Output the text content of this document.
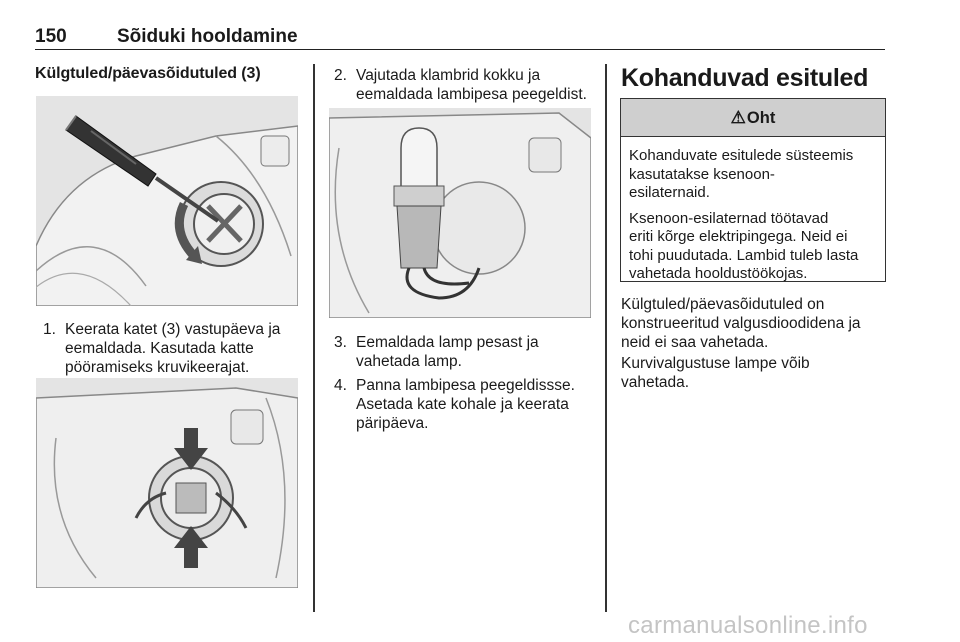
150	Sõiduki hooldamine
Külgtuled/päevasõidutuled (3)
1. Keerata katet (3) vastupäeva ja
eemaldada. Kasutada katte
pööramiseks kruvikeerajat.
2. Vajutada klambrid kokku ja
eemaldada lambipesa peegeldist.
3. Eemaldada lamp pesast ja
vahetada lamp.
4. Panna lambipesa peegeldissse.
Asetada kate kohale ja keerata
päripäeva.
Kohanduvad esituled
⚠Oht

Kohanduvate esitulede süsteemis
kasutatakse ksenoon-
esilaternaid.

Ksenoon-esilaternad töötavad
eriti kõrge elektripingega. Neid ei
tohi puudutada. Lambid tuleb lasta
vahetada hooldustöökojas.

Külgtuled/päevasõidutuled on
konstrueeritud valgusdioodidena ja
neid ei saa vahetada.
Kurvivalgustuse lampe võib
vahetada.
carmanualsonline.info
